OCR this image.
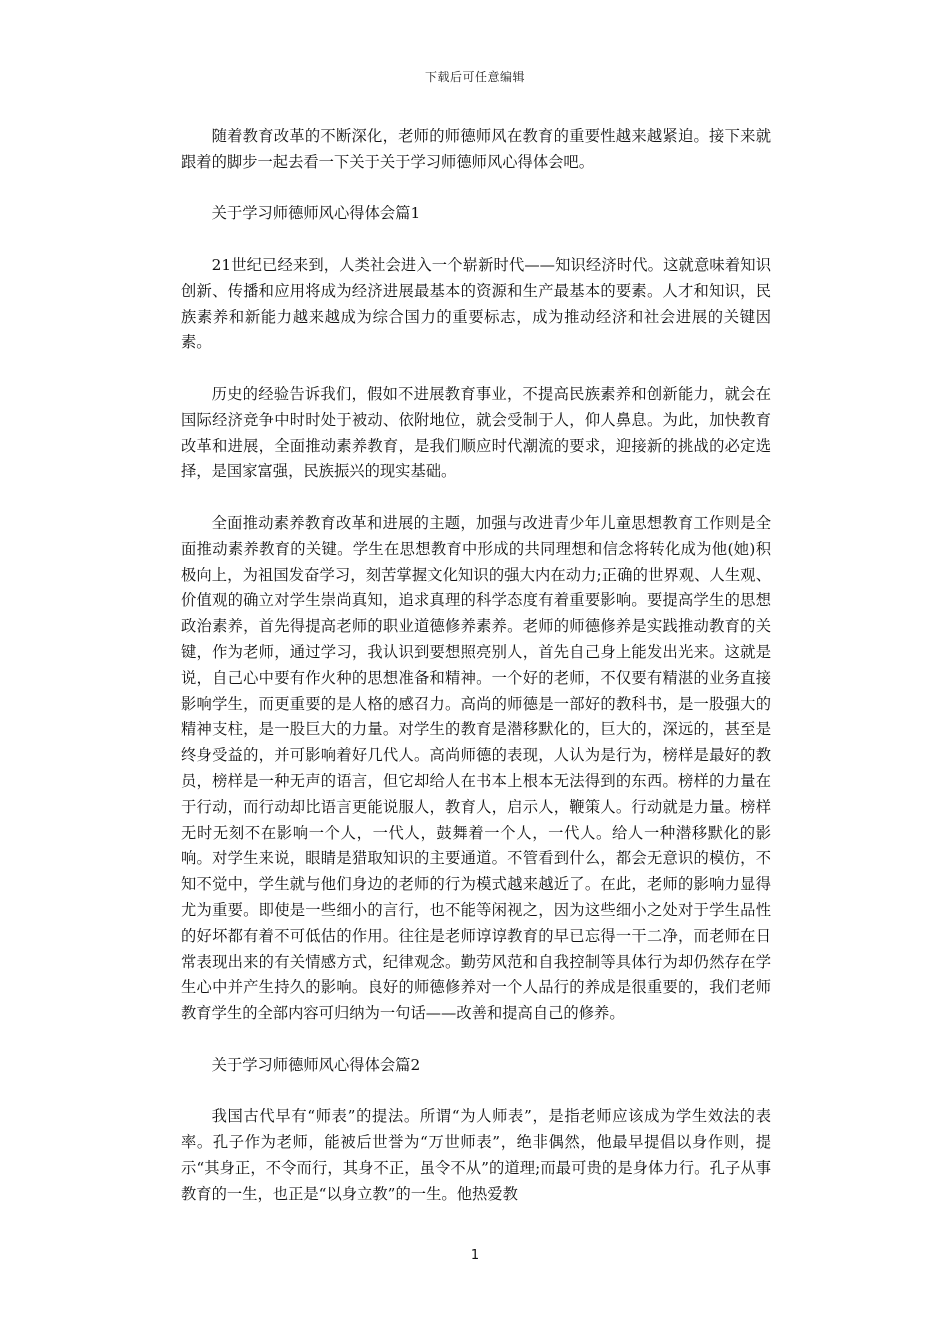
下载后可任意编辑

随着教育改革的不断深化，老师的师德师风在教育的重要性越来越紧迫。接下来就跟着的脚步一起去看一下关于关于学习师德师风心得体会吧。

关于学习师德师风心得体会篇1

21世纪已经来到，人类社会进入一个崭新时代——知识经济时代。这就意味着知识创新、传播和应用将成为经济进展最基本的资源和生产最基本的要素。人才和知识，民族素养和新能力越来越成为综合国力的重要标志，成为推动经济和社会进展的关键因素。

历史的经验告诉我们，假如不进展教育事业，不提高民族素养和创新能力，就会在国际经济竞争中时时处于被动、依附地位，就会受制于人，仰人鼻息。为此，加快教育改革和进展，全面推动素养教育，是我们顺应时代潮流的要求，迎接新的挑战的必定选择，是国家富强，民族振兴的现实基础。

全面推动素养教育改革和进展的主题，加强与改进青少年儿童思想教育工作则是全面推动素养教育的关键。学生在思想教育中形成的共同理想和信念将转化成为他(她)积极向上，为祖国发奋学习，刻苦掌握文化知识的强大内在动力;正确的世界观、人生观、价值观的确立对学生崇尚真知，追求真理的科学态度有着重要影响。要提高学生的思想政治素养，首先得提高老师的职业道德修养素养。老师的师德修养是实践推动教育的关键，作为老师，通过学习，我认识到要想照亮别人，首先自己身上能发出光来。这就是说，自己心中要有作火种的思想准备和精神。一个好的老师，不仅要有精湛的业务直接影响学生，而更重要的是人格的感召力。高尚的师德是一部好的教科书，是一股强大的精神支柱，是一股巨大的力量。对学生的教育是潜移默化的，巨大的，深远的，甚至是终身受益的，并可影响着好几代人。高尚师德的表现，人认为是行为，榜样是最好的教员，榜样是一种无声的语言，但它却给人在书本上根本无法得到的东西。榜样的力量在于行动，而行动却比语言更能说服人，教育人，启示人，鞭策人。行动就是力量。榜样无时无刻不在影响一个人，一代人，鼓舞着一个人，一代人。给人一种潜移默化的影响。对学生来说，眼睛是猎取知识的主要通道。不管看到什么，都会无意识的模仿，不知不觉中，学生就与他们身边的老师的行为模式越来越近了。在此，老师的影响力显得尤为重要。即使是一些细小的言行，也不能等闲视之，因为这些细小之处对于学生品性的好坏都有着不可低估的作用。往往是老师谆谆教育的早已忘得一干二净，而老师在日常表现出来的有关情感方式，纪律观念。勤劳风范和自我控制等具体行为却仍然存在学生心中并产生持久的影响。良好的师德修养对一个人品行的养成是很重要的，我们老师教育学生的全部内容可归纳为一句话——改善和提高自己的修养。

关于学习师德师风心得体会篇2

我国古代早有“师表”的提法。所谓“为人师表”，是指老师应该成为学生效法的表率。孔子作为老师，能被后世誉为“万世师表”，绝非偶然，他最早提倡以身作则，提示“其身正，不令而行，其身不正，虽令不从”的道理;而最可贵的是身体力行。孔子从事教育的一生，也正是“以身立教”的一生。他热爱教

1
